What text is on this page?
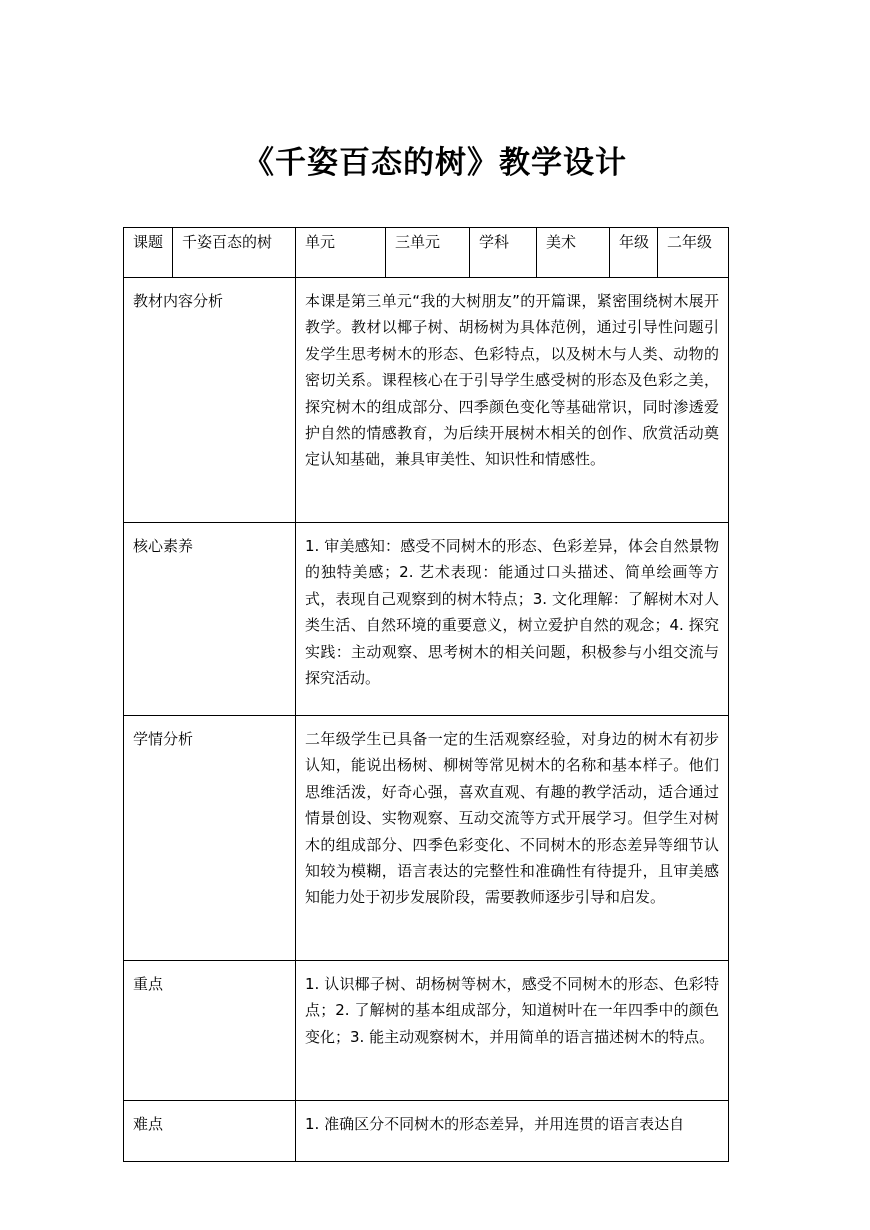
《千姿百态的树》教学设计
课题	千姿百态的树	单元	三单元	学科	美术	年级	二年级

教材内容分析		本课是第三单元“我的大树朋友”的开篇课，紧密围绕树木展开教学。教材以椰子树、胡杨树为具体范例，通过引导性问题引发学生思考树木的形态、色彩特点，以及树木与人类、动物的密切关系。课程核心在于引导学生感受树的形态及色彩之美，探究树木的组成部分、四季颜色变化等基础常识，同时渗透爱护自然的情感教育，为后续开展树木相关的创作、欣赏活动奠定认知基础，兼具审美性、知识性和情感性。					
核心素养		1. 审美感知：感受不同树木的形态、色彩差异，体会自然景物的独特美感；2. 艺术表现：能通过口头描述、简单绘画等方式，表现自己观察到的树木特点；3. 文化理解：了解树木对人类生活、自然环境的重要意义，树立爱护自然的观念；4. 探究实践：主动观察、思考树木的相关问题，积极参与小组交流与探究活动。					
学情分析		二年级学生已具备一定的生活观察经验，对身边的树木有初步认知，能说出杨树、柳树等常见树木的名称和基本样子。他们思维活泼，好奇心强，喜欢直观、有趣的教学活动，适合通过情景创设、实物观察、互动交流等方式开展学习。但学生对树木的组成部分、四季色彩变化、不同树木的形态差异等细节认知较为模糊，语言表达的完整性和准确性有待提升，且审美感知能力处于初步发展阶段，需要教师逐步引导和启发。					
重点		1. 认识椰子树、胡杨树等树木，感受不同树木的形态、色彩特点；2. 了解树的基本组成部分，知道树叶在一年四季中的颜色变化；3. 能主动观察树木，并用简单的语言描述树木的特点。					
难点		1. 准确区分不同树木的形态差异，并用连贯的语言表达自					
